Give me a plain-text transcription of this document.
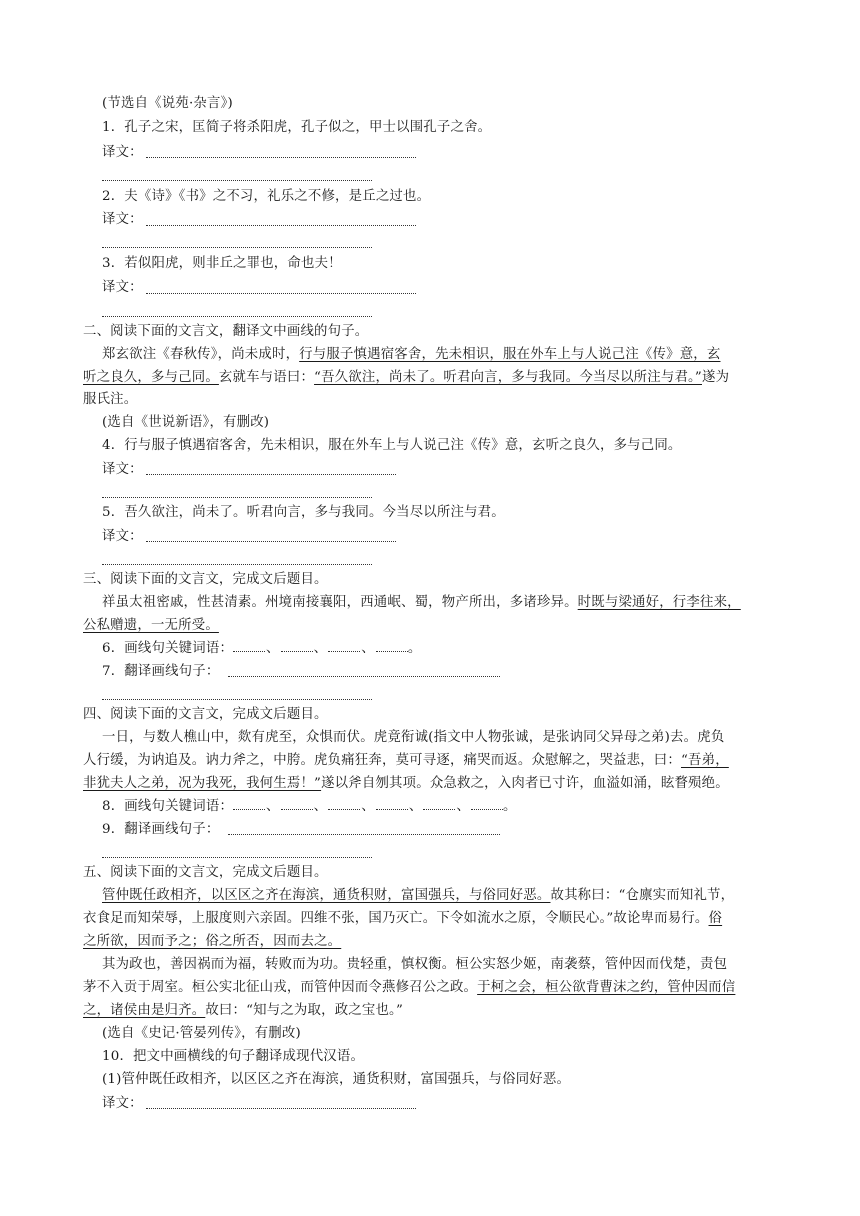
(节选自《说苑·杂言》)
1．孔子之宋，匡简子将杀阳虎，孔子似之，甲士以围孔子之舍。
译文：
2．夫《诗》《书》之不习，礼乐之不修，是丘之过也。
译文：
3．若似阳虎，则非丘之罪也，命也夫！
译文：
二、阅读下面的文言文，翻译文中画线的句子。
郑玄欲注《春秋传》，尚未成时，行与服子慎遇宿客舍，先未相识，服在外车上与人说己注《传》意，玄
听之良久，多与己同。玄就车与语曰：“吾久欲注，尚未了。听君向言，多与我同。今当尽以所注与君。”遂为
服氏注。
(选自《世说新语》，有删改)
4．行与服子慎遇宿客舍，先未相识，服在外车上与人说己注《传》意，玄听之良久，多与己同。
译文：
5．吾久欲注，尚未了。听君向言，多与我同。今当尽以所注与君。
译文：
三、阅读下面的文言文，完成文后题目。
祥虽太祖密戚，性甚清素。州境南接襄阳，西通岷、蜀，物产所出，多诸珍异。时既与梁通好，行李往来，
公私赠遗，一无所受。
6．画线句关键词语： 、	、	、 。
7．翻译画线句子：
四、阅读下面的文言文，完成文后题目。
一日，与数人樵山中，欻有虎至，众惧而伏。虎竟衔诚(指文中人物张诚，是张讷同父异母之弟)去。虎负
人行缓，为讷追及。讷力斧之，中胯。虎负痛狂奔，莫可寻逐，痛哭而返。众慰解之，哭益悲，曰：“吾弟，
非犹夫人之弟，况为我死，我何生焉！”遂以斧自刎其项。众急救之，入肉者已寸许，血溢如涌，眩瞀殒绝。
8．画线句关键词语： 、	、	、	、	、 。
9．翻译画线句子：
五、阅读下面的文言文，完成文后题目。
管仲既任政相齐，以区区之齐在海滨，通货积财，富国强兵，与俗同好恶。故其称曰：“仓廪实而知礼节，
衣食足而知荣辱，上服度则六亲固。四维不张，国乃灭亡。下令如流水之原，令顺民心。”故论卑而易行。俗
之所欲，因而予之；俗之所否，因而去之。
其为政也，善因祸而为福，转败而为功。贵轻重，慎权衡。桓公实怒少姬，南袭蔡，管仲因而伐楚，责包
茅不入贡于周室。桓公实北征山戎，而管仲因而令燕修召公之政。于柯之会，桓公欲背曹沫之约，管仲因而信
之，诸侯由是归齐。故曰：“知与之为取，政之宝也。”
(选自《史记·管晏列传》，有删改)
10．把文中画横线的句子翻译成现代汉语。
(1)管仲既任政相齐，以区区之齐在海滨，通货积财，富国强兵，与俗同好恶。
译文：
